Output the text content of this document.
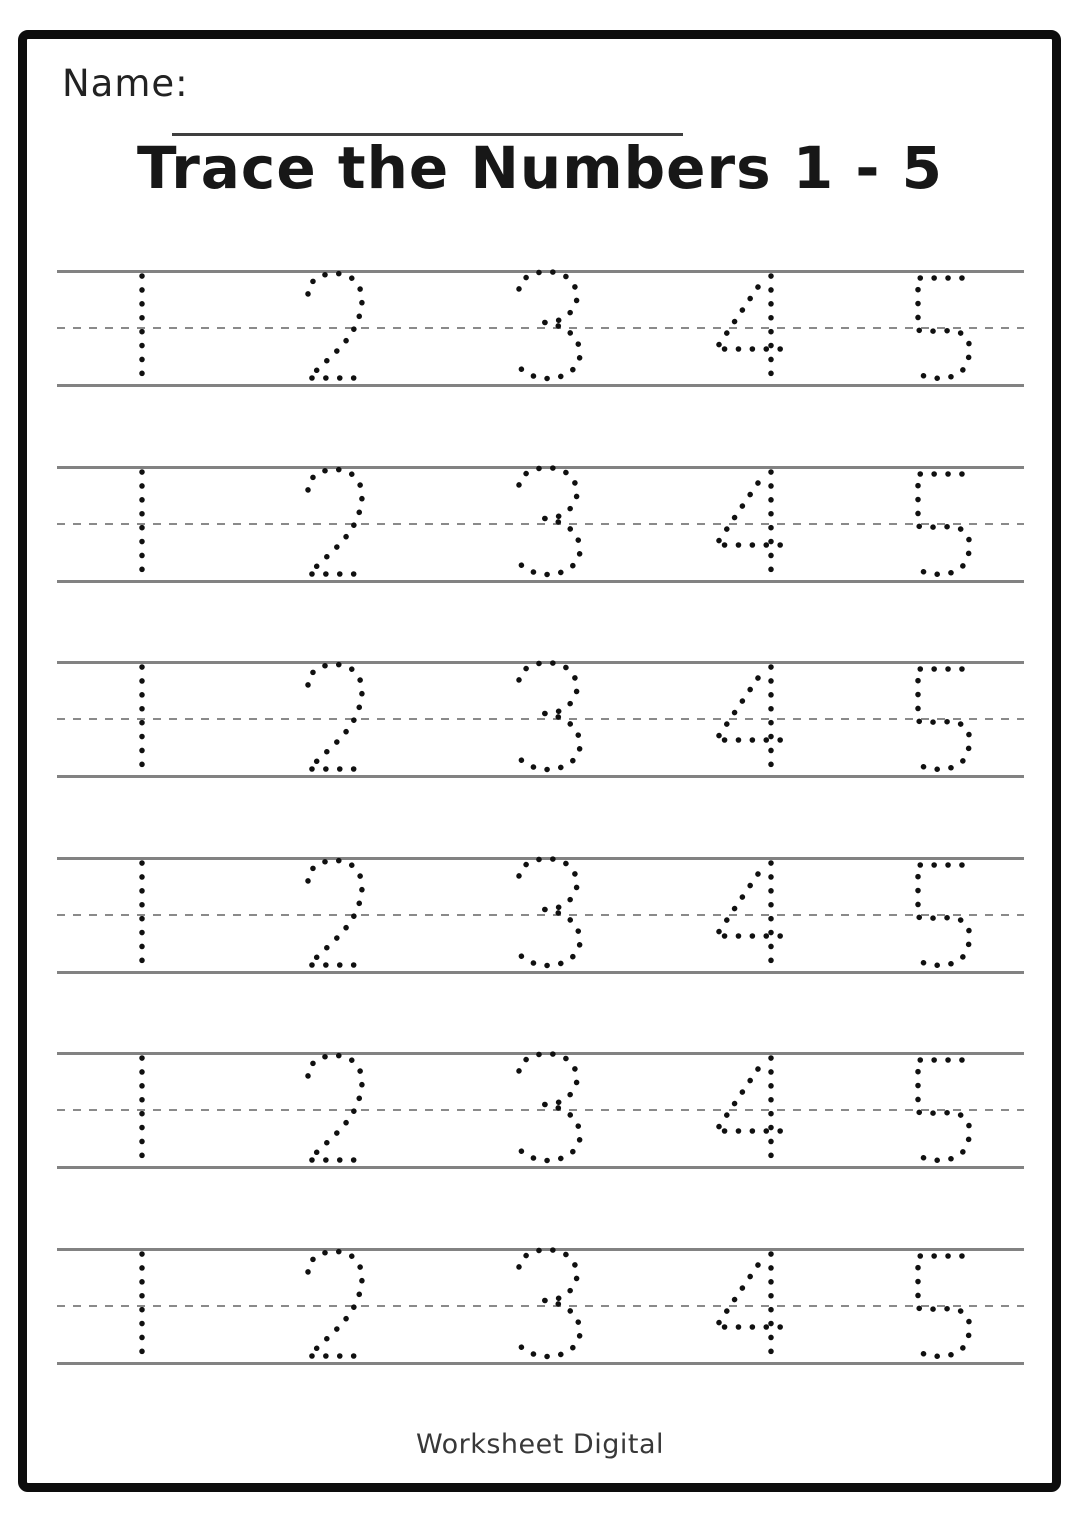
Name:
Trace the Numbers 1 - 5
Worksheet Digital
